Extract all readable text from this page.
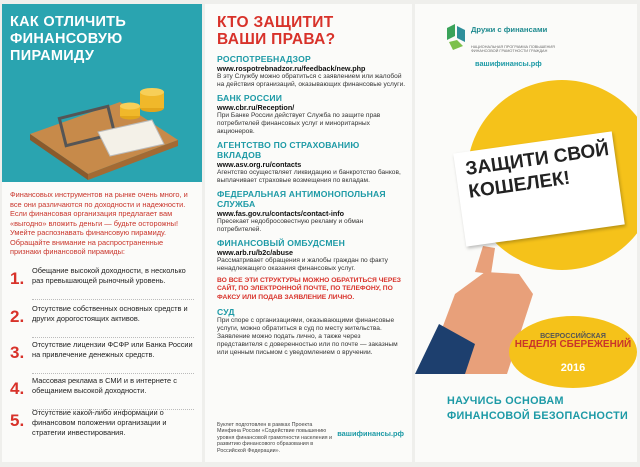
КАК ОТЛИЧИТЬ ФИНАНСОВУЮ ПИРАМИДУ

Финансовых инструментов на рынке очень много, и все они различаются по доходности и надежности. Если финансовая организация предлагает вам «выгодно» вложить деньги — будьте осторожны! Умейте распознавать финансовую пирамиду. Обращайте внимание на распространенные признаки финансовой пирамиды:

1.	Обещание высокой доходности, в несколько раз превышающей рыночный уровень.
2.	Отсутствие собственных основных средств и других дорогостоящих активов.
3.	Отсутствие лицензии ФСФР или Банка России на привлечение денежных средств.
4.	Массовая реклама в СМИ и в интернете с обещанием высокой доходности.
5.	Отсутствие какой-либо информации о финансовом положении организации и стратегии инвестирования.
КТО ЗАЩИТИТ ВАШИ ПРАВА?
РОСПОТРЕБНАДЗОР
www.rospotrebnadzor.ru/feedback/new.php
В эту Службу можно обратиться с заявлением или жалобой на действия организаций, оказывающих финансовые услуги.
БАНК РОССИИ
www.cbr.ru/Reception/
При Банке России действует Служба по защите прав потребителей финансовых услуг и миноритарных акционеров.
АГЕНТСТВО ПО СТРАХОВАНИЮ ВКЛАДОВ
www.asv.org.ru/contacts
Агентство осуществляет ликвидацию и банкротство банков, выплачивает страховые возмещения по вкладам.
ФЕДЕРАЛЬНАЯ АНТИМОНОПОЛЬНАЯ СЛУЖБА
www.fas.gov.ru/contacts/contact-info
Пресекает недобросовестную рекламу и обман потребителей.
ФИНАНСОВЫЙ ОМБУДСМЕН
www.arb.ru/b2c/abuse
Рассматривает обращения и жалобы граждан по факту ненадлежащего оказания финансовых услуг.
ВО ВСЕ ЭТИ СТРУКТУРЫ МОЖНО ОБРАТИТЬСЯ ЧЕРЕЗ САЙТ, ПО ЭЛЕКТРОННОЙ ПОЧТЕ, ПО ТЕЛЕФОНУ, ПО ФАКСУ ИЛИ ПОДАВ ЗАЯВЛЕНИЕ ЛИЧНО.
СУД
При споре с организациями, оказывающими финансовые услуги, можно обратиться в суд по месту жительства. Заявление можно подать лично, а также через представителя с доверенностью или по почте — заказным или ценным письмом с уведомлением о вручении.
Буклет подготовлен в рамках Проекта Минфина России «Содействие повышению уровня финансовой грамотности населения и развитию финансового образования в Российской Федерации».
вашифинансы.рф
Дружи с финансами
НАЦИОНАЛЬНАЯ ПРОГРАММА ПОВЫШЕНИЯ ФИНАНСОВОЙ ГРАМОТНОСТИ ГРАЖДАН
вашифинансы.рф
ЗАЩИТИ СВОЙ КОШЕЛЕК!
ВСЕРОССИЙСКАЯ
НЕДЕЛЯ СБЕРЕЖЕНИЙ
2016
НАУЧИСЬ ОСНОВАМ
ФИНАНСОВОЙ БЕЗОПАСНОСТИ
